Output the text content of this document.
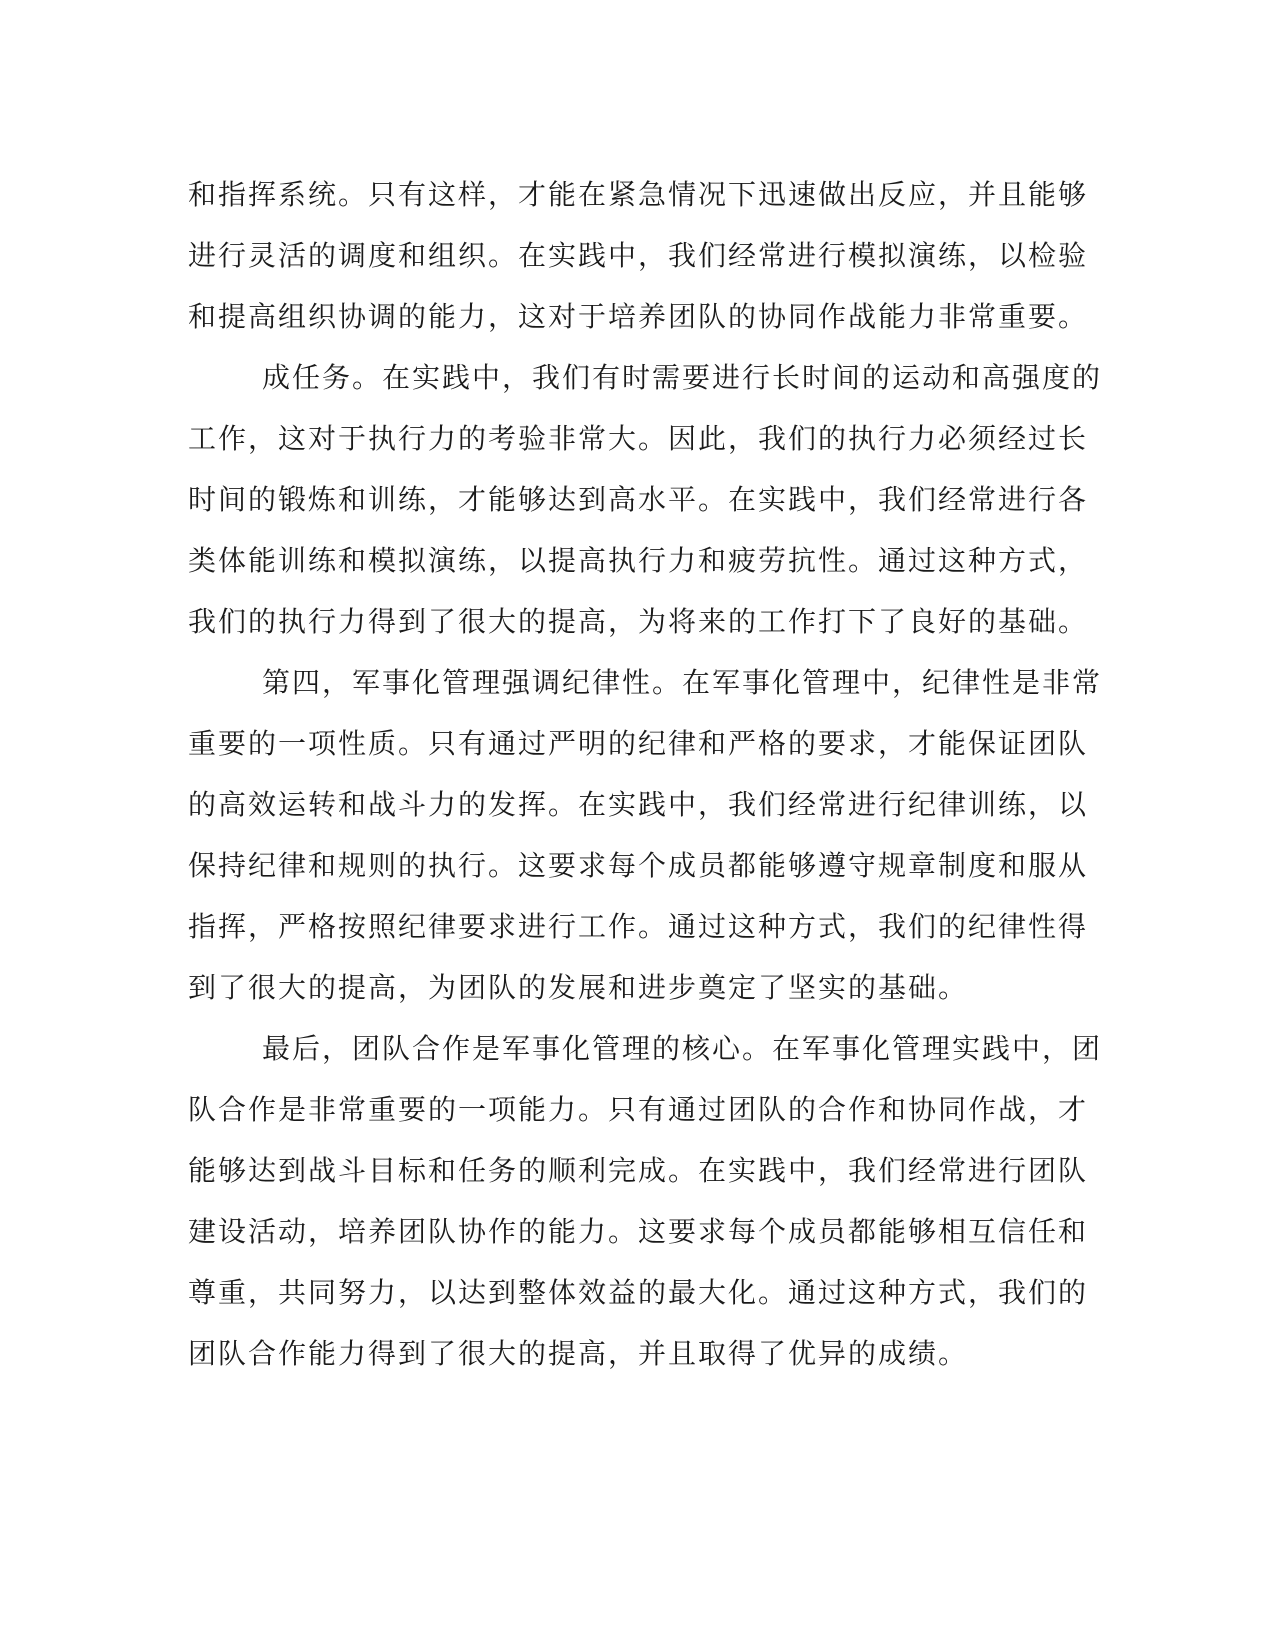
和指挥系统。只有这样，才能在紧急情况下迅速做出反应，并且能够
进行灵活的调度和组织。在实践中，我们经常进行模拟演练，以检验
和提高组织协调的能力，这对于培养团队的协同作战能力非常重要。
成任务。在实践中，我们有时需要进行长时间的运动和高强度的
工作，这对于执行力的考验非常大。因此，我们的执行力必须经过长
时间的锻炼和训练，才能够达到高水平。在实践中，我们经常进行各
类体能训练和模拟演练，以提高执行力和疲劳抗性。通过这种方式，
我们的执行力得到了很大的提高，为将来的工作打下了良好的基础。
第四，军事化管理强调纪律性。在军事化管理中，纪律性是非常
重要的一项性质。只有通过严明的纪律和严格的要求，才能保证团队
的高效运转和战斗力的发挥。在实践中，我们经常进行纪律训练，以
保持纪律和规则的执行。这要求每个成员都能够遵守规章制度和服从
指挥，严格按照纪律要求进行工作。通过这种方式，我们的纪律性得
到了很大的提高，为团队的发展和进步奠定了坚实的基础。
最后，团队合作是军事化管理的核心。在军事化管理实践中，团
队合作是非常重要的一项能力。只有通过团队的合作和协同作战，才
能够达到战斗目标和任务的顺利完成。在实践中，我们经常进行团队
建设活动，培养团队协作的能力。这要求每个成员都能够相互信任和
尊重，共同努力，以达到整体效益的最大化。通过这种方式，我们的
团队合作能力得到了很大的提高，并且取得了优异的成绩。
